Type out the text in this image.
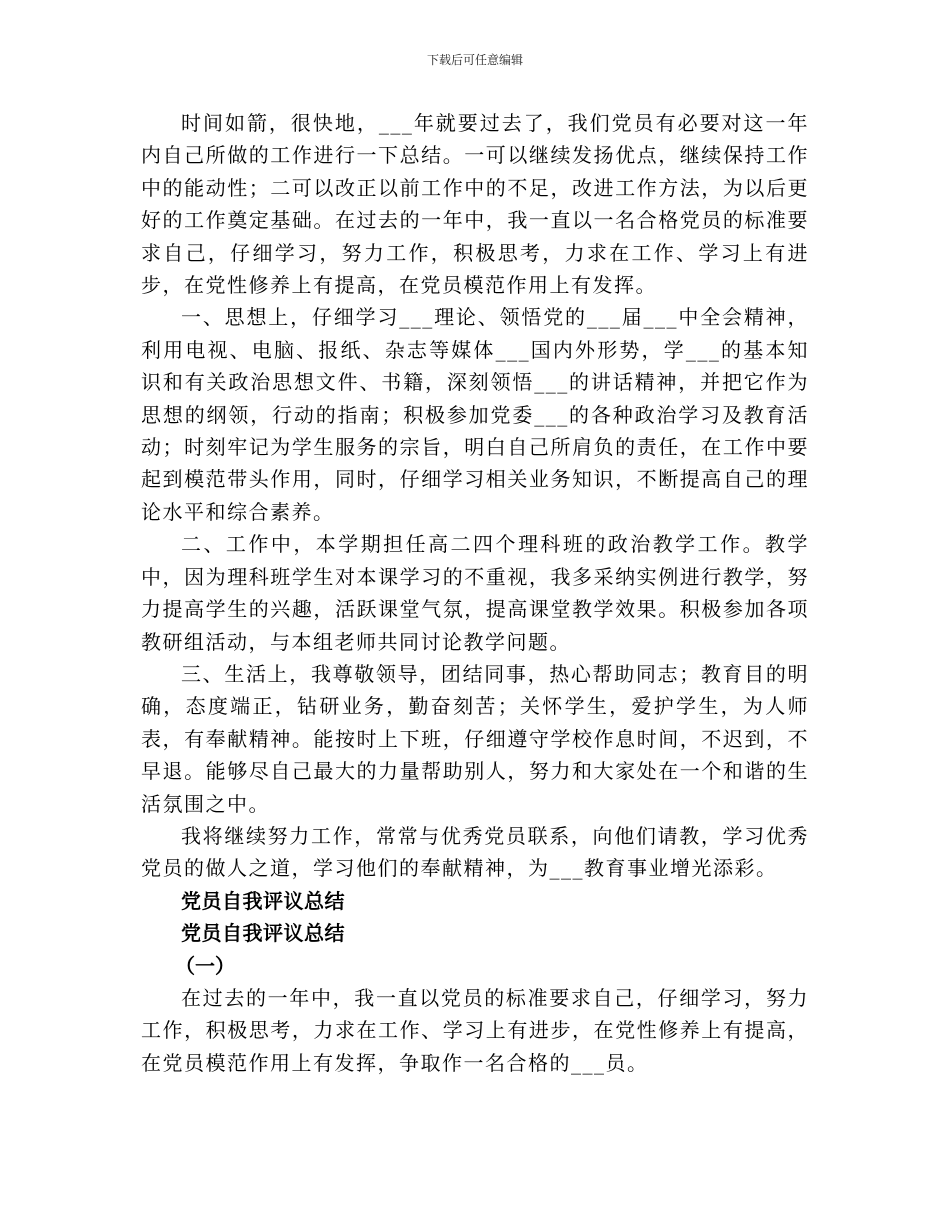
下载后可任意编辑

时间如箭，很快地，___年就要过去了，我们党员有必要对这一年内自己所做的工作进行一下总结。一可以继续发扬优点，继续保持工作中的能动性；二可以改正以前工作中的不足，改进工作方法，为以后更好的工作奠定基础。在过去的一年中，我一直以一名合格党员的标准要求自己，仔细学习，努力工作，积极思考，力求在工作、学习上有进步，在党性修养上有提高，在党员模范作用上有发挥。

一、思想上，仔细学习___理论、领悟党的___届___中全会精神，利用电视、电脑、报纸、杂志等媒体___国内外形势，学___的基本知识和有关政治思想文件、书籍，深刻领悟___的讲话精神，并把它作为思想的纲领，行动的指南；积极参加党委___的各种政治学习及教育活动；时刻牢记为学生服务的宗旨，明白自己所肩负的责任，在工作中要起到模范带头作用，同时，仔细学习相关业务知识，不断提高自己的理论水平和综合素养。

二、工作中，本学期担任高二四个理科班的政治教学工作。教学中，因为理科班学生对本课学习的不重视，我多采纳实例进行教学，努力提高学生的兴趣，活跃课堂气氛，提高课堂教学效果。积极参加各项教研组活动，与本组老师共同讨论教学问题。

三、生活上，我尊敬领导，团结同事，热心帮助同志；教育目的明确，态度端正，钻研业务，勤奋刻苦；关怀学生，爱护学生，为人师表，有奉献精神。能按时上下班，仔细遵守学校作息时间，不迟到，不早退。能够尽自己最大的力量帮助别人，努力和大家处在一个和谐的生活氛围之中。

我将继续努力工作，常常与优秀党员联系，向他们请教，学习优秀党员的做人之道，学习他们的奉献精神，为___教育事业增光添彩。

党员自我评议总结

党员自我评议总结

（一）

在过去的一年中，我一直以党员的标准要求自己，仔细学习，努力工作，积极思考，力求在工作、学习上有进步，在党性修养上有提高，在党员模范作用上有发挥，争取作一名合格的___员。
